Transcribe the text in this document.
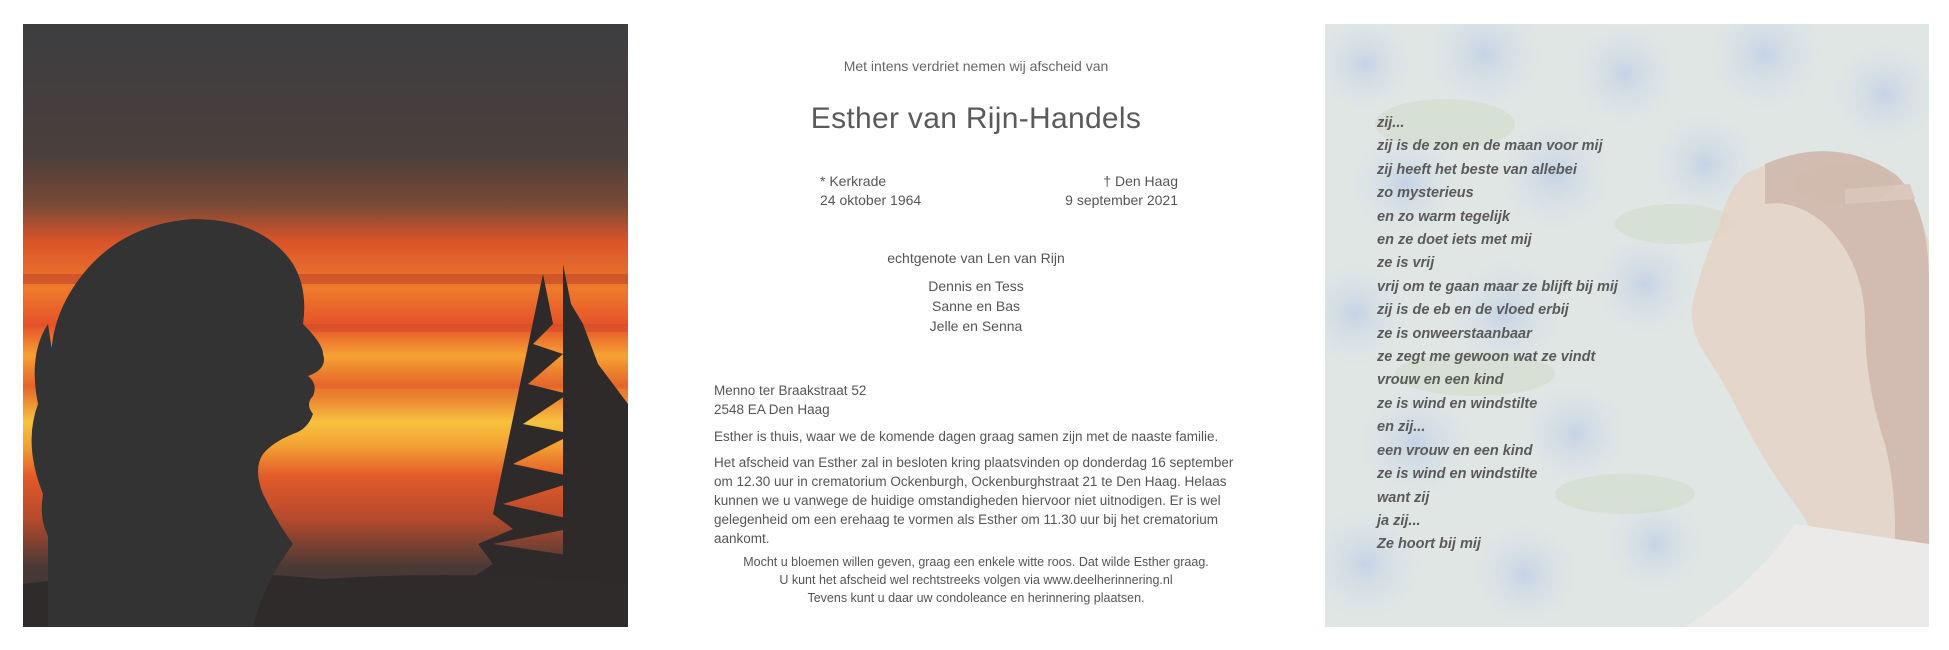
Met intens verdriet nemen wij afscheid van
Esther van Rijn-Handels
* Kerkrade
24 oktober 1964
† Den Haag
9 september 2021
echtgenote van Len van Rijn
Dennis en Tess
Sanne en Bas
Jelle en Senna
Menno ter Braakstraat 52
2548 EA Den Haag
Esther is thuis, waar we de komende dagen graag samen zijn met de naaste familie.
Het afscheid van Esther zal in besloten kring plaatsvinden op donderdag 16 september om 12.30 uur in crematorium Ockenburgh, Ockenburghstraat 21 te Den Haag. Helaas kunnen we u vanwege de huidige omstandigheden hiervoor niet uitnodigen. Er is wel gelegenheid om een erehaag te vormen als Esther om 11.30 uur bij het crematorium aankomt.
Mocht u bloemen willen geven, graag een enkele witte roos. Dat wilde Esther graag.
U kunt het afscheid wel rechtstreeks volgen via www.deelherinnering.nl
Tevens kunt u daar uw condoleance en herinnering plaatsen.
zij...
zij is de zon en de maan voor mij
zij heeft het beste van allebei
zo mysterieus
en zo warm tegelijk
en ze doet iets met mij
ze is vrij
vrij om te gaan maar ze blijft bij mij
zij is de eb en de vloed erbij
ze is onweerstaanbaar
ze zegt me gewoon wat ze vindt
vrouw en een kind
ze is wind en windstilte
en zij...
een vrouw en een kind
ze is wind en windstilte
want zij
ja zij...
Ze hoort bij mij
